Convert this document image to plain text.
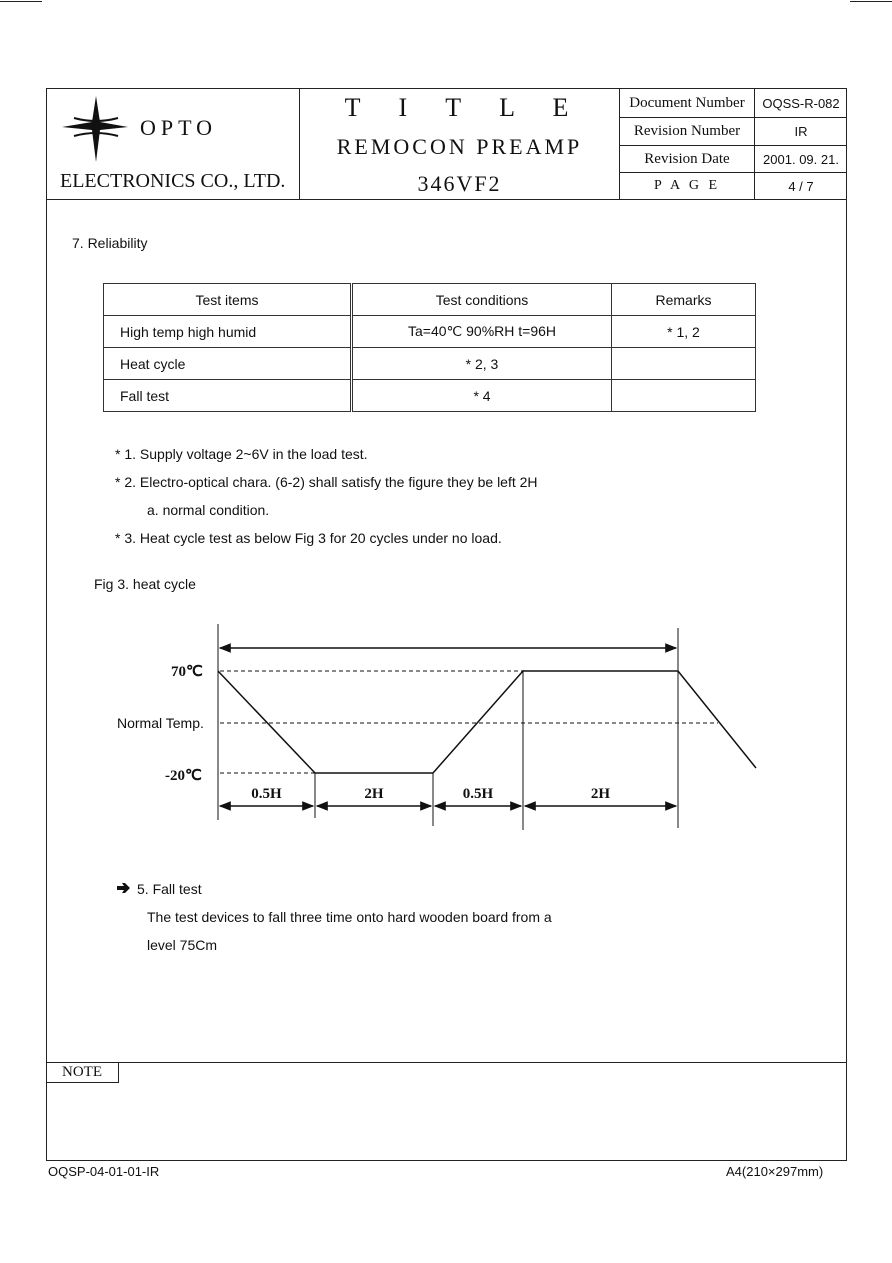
OPTO
ELECTRONICS CO., LTD.
T I T L E
REMOCON PREAMP
346VF2
Document Number	OQSS-R-082
Revision Number	IR
Revision Date	2001. 09. 21.
P A G E	4 / 7
7. Reliability
Test items	Test conditions	Remarks
High temp high humid	Ta=40℃ 90%RH t=96H	* 1, 2
Heat cycle	* 2, 3	
Fall test	* 4	
* 1. Supply voltage 2~6V in the load test.
* 2. Electro-optical chara. (6-2) shall satisfy the figure they be left 2H
a. normal condition.
* 3. Heat cycle test as below Fig 3 for 20 cycles under no load.
Fig 3. heat cycle
70℃
Normal Temp.
-20℃
0.5H	2H	0.5H	2H
5. Fall test
The test devices to fall three time onto hard wooden board from a
level 75Cm
NOTE
OQSP-04-01-01-IR	A4(210×297mm)
